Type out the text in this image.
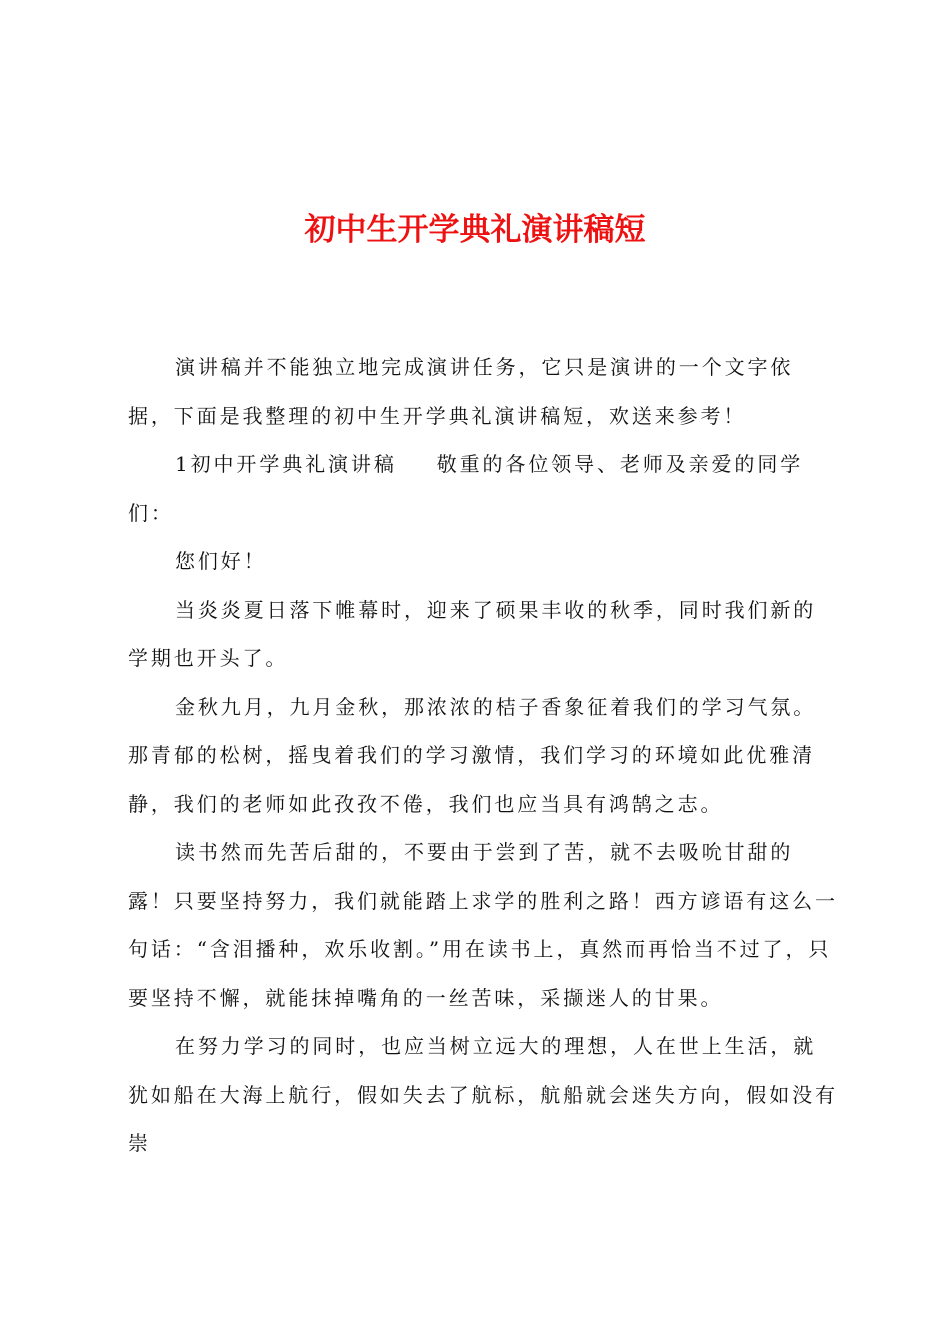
初中生开学典礼演讲稿短

演讲稿并不能独立地完成演讲任务，它只是演讲的一个文字依据，下面是我整理的初中生开学典礼演讲稿短，欢送来参考！

1初中开学典礼演讲稿 敬重的各位领导、老师及亲爱的同学们：

您们好！

当炎炎夏日落下帷幕时，迎来了硕果丰收的秋季，同时我们新的学期也开头了。

金秋九月，九月金秋，那浓浓的桔子香象征着我们的学习气氛。那青郁的松树，摇曳着我们的学习激情，我们学习的环境如此优雅清静，我们的老师如此孜孜不倦，我们也应当具有鸿鹄之志。

读书然而先苦后甜的，不要由于尝到了苦，就不去吸吮甘甜的露！只要坚持努力，我们就能踏上求学的胜利之路！西方谚语有这么一句话：“含泪播种，欢乐收割。”用在读书上，真然而再恰当不过了，只要坚持不懈，就能抹掉嘴角的一丝苦味，采撷迷人的甘果。

在努力学习的同时，也应当树立远大的理想，人在世上生活，就犹如船在大海上航行，假如失去了航标，航船就会迷失方向，假如没有崇
